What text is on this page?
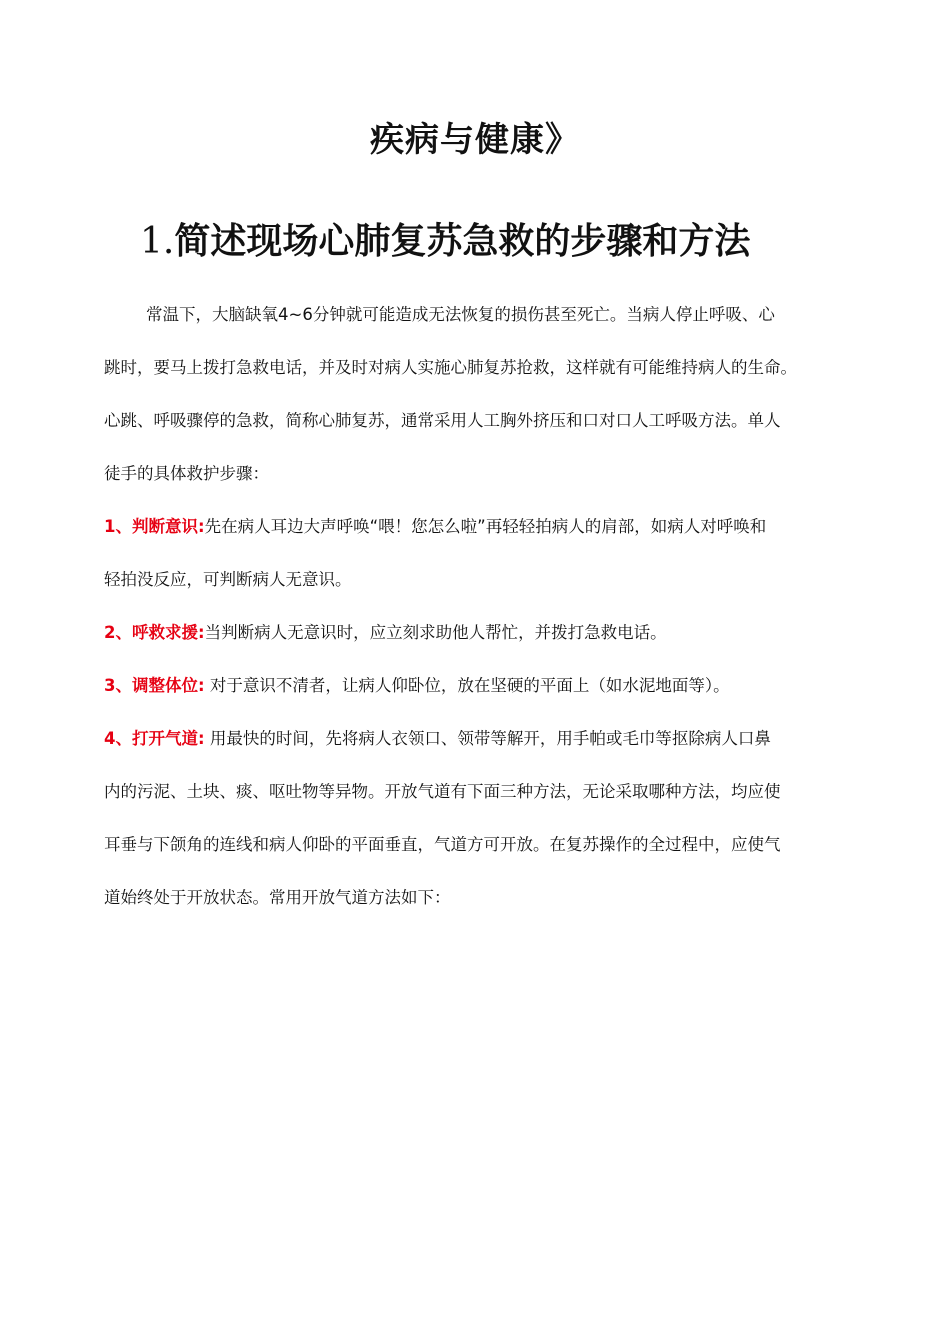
疾病与健康》
1.简述现场心肺复苏急救的步骤和方法
常温下，大脑缺氧4~6分钟就可能造成无法恢复的损伤甚至死亡。当病人停止呼吸、心
跳时，要马上拨打急救电话，并及时对病人实施心肺复苏抢救，这样就有可能维持病人的生命。
心跳、呼吸骤停的急救，简称心肺复苏，通常采用人工胸外挤压和口对口人工呼吸方法。单人
徒手的具体救护步骤：
1、判断意识:先在病人耳边大声呼唤“喂！您怎么啦”再轻轻拍病人的肩部，如病人对呼唤和
轻拍没反应，可判断病人无意识。
2、呼救求援:当判断病人无意识时，应立刻求助他人帮忙，并拨打急救电话。
3、调整体位: 对于意识不清者，让病人仰卧位，放在坚硬的平面上（如水泥地面等）。
4、打开气道: 用最快的时间，先将病人衣领口、领带等解开，用手帕或毛巾等抠除病人口鼻
内的污泥、土块、痰、呕吐物等异物。开放气道有下面三种方法，无论采取哪种方法，均应使
耳垂与下颌角的连线和病人仰卧的平面垂直，气道方可开放。在复苏操作的全过程中，应使气
道始终处于开放状态。常用开放气道方法如下：
